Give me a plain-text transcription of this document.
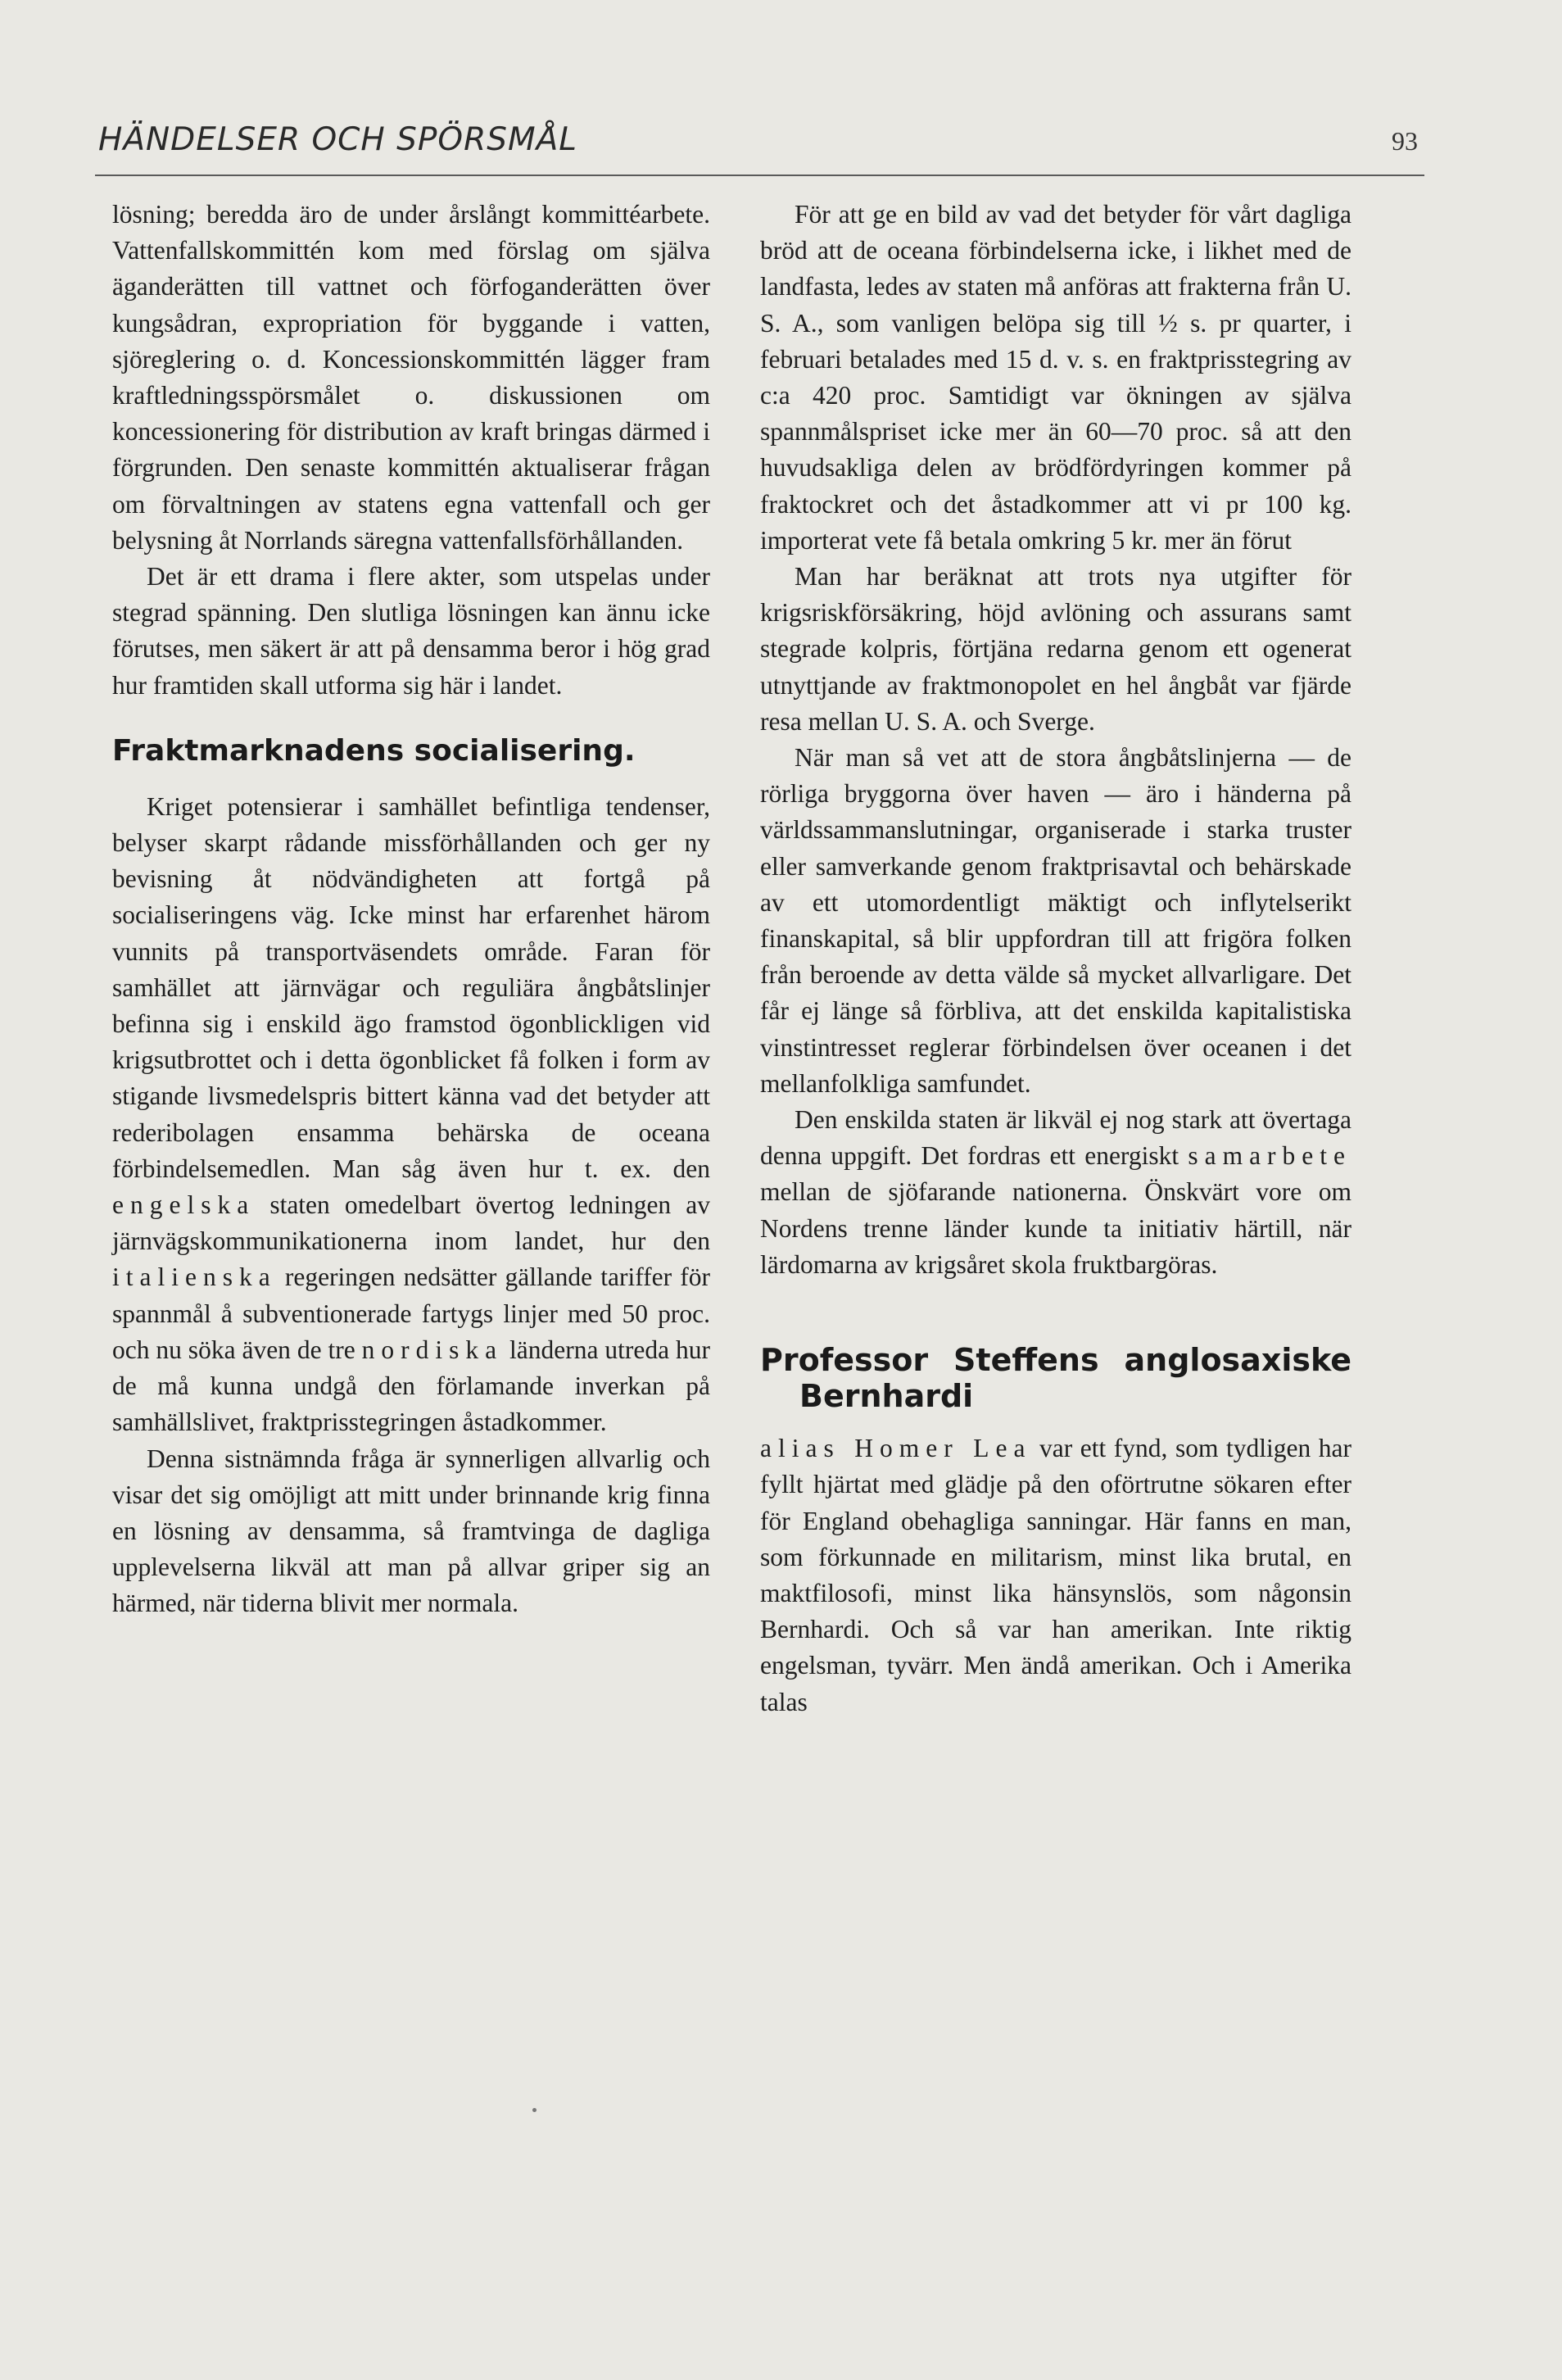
HÄNDELSER OCH SPÖRSMÅL	93

lösning; beredda äro de under årslångt kommittéarbete. Vattenfallskommittén kom med förslag om själva äganderätten till vattnet och förfoganderätten över kungsådran, expropriation för byggande i vatten, sjöreglering o. d. Koncessionskommittén lägger fram kraftledningsspörsmålet o. diskussionen om koncessionering för distribution av kraft bringas därmed i förgrunden. Den senaste kommittén aktualiserar frågan om förvaltningen av statens egna vattenfall och ger belysning åt Norrlands säregna vattenfallsförhållanden.

Det är ett drama i flere akter, som utspelas under stegrad spänning. Den slutliga lösningen kan ännu icke förutses, men säkert är att på densamma beror i hög grad hur framtiden skall utforma sig här i landet.

Fraktmarknadens socialisering.

Kriget potensierar i samhället befintliga tendenser, belyser skarpt rådande missförhållanden och ger ny bevisning åt nödvändigheten att fortgå på socialiseringens väg. Icke minst har erfarenhet härom vunnits på transportväsendets område. Faran för samhället att järnvägar och reguliära ångbåtslinjer befinna sig i enskild ägo framstod ögonblickligen vid krigsutbrottet och i detta ögonblicket få folken i form av stigande livsmedelspris bittert känna vad det betyder att rederibolagen ensamma behärska de oceana förbindelsemedlen. Man såg även hur t. ex. den engelska staten omedelbart övertog ledningen av järnvägskommunikationerna inom landet, hur den italienska regeringen nedsätter gällande tariffer för spannmål å subventionerade fartygs linjer med 50 proc. och nu söka även de tre nordiska länderna utreda hur de må kunna undgå den förlamande inverkan på samhällslivet, fraktprisstegringen åstadkommer.

Denna sistnämnda fråga är synnerligen allvarlig och visar det sig omöjligt att mitt under brinnande krig finna en lösning av densamma, så framtvinga de dagliga upplevelserna likväl att man på allvar griper sig an härmed, när tiderna blivit mer normala.

För att ge en bild av vad det betyder för vårt dagliga bröd att de oceana förbindelserna icke, i likhet med de landfasta, ledes av staten må anföras att frakterna från U. S. A., som vanligen belöpa sig till ½ s. pr quarter, i februari betalades med 15 d. v. s. en fraktprisstegring av c:a 420 proc. Samtidigt var ökningen av själva spannmålspriset icke mer än 60—70 proc. så att den huvudsakliga delen av brödfördyringen kommer på fraktockret och det åstadkommer att vi pr 100 kg. importerat vete få betala omkring 5 kr. mer än förut

Man har beräknat att trots nya utgifter för krigsriskförsäkring, höjd avlöning och assurans samt stegrade kolpris, förtjäna redarna genom ett ogenerat utnyttjande av fraktmonopolet en hel ångbåt var fjärde resa mellan U. S. A. och Sverge.

När man så vet att de stora ångbåtslinjerna — de rörliga bryggorna över haven — äro i händerna på världssammanslutningar, organiserade i starka truster eller samverkande genom fraktprisavtal och behärskade av ett utomordentligt mäktigt och inflytelserikt finanskapital, så blir uppfordran till att frigöra folken från beroende av detta välde så mycket allvarligare. Det får ej länge så förbliva, att det enskilda kapitalistiska vinstintresset reglerar förbindelsen över oceanen i det mellanfolkliga samfundet.

Den enskilda staten är likväl ej nog stark att övertaga denna uppgift. Det fordras ett energiskt samarbete mellan de sjöfarande nationerna. Önskvärt vore om Nordens trenne länder kunde ta initiativ härtill, när lärdomarna av krigsåret skola fruktbargöras.

Professor Steffens anglosaxiske
Bernhardi

alias Homer Lea var ett fynd, som tydligen har fyllt hjärtat med glädje på den oförtrutne sökaren efter för England obehagliga sanningar. Här fanns en man, som förkunnade en militarism, minst lika brutal, en maktfilosofi, minst lika hänsynslös, som någonsin Bernhardi. Och så var han amerikan. Inte riktig engelsman, tyvärr. Men ändå amerikan. Och i Amerika talas
